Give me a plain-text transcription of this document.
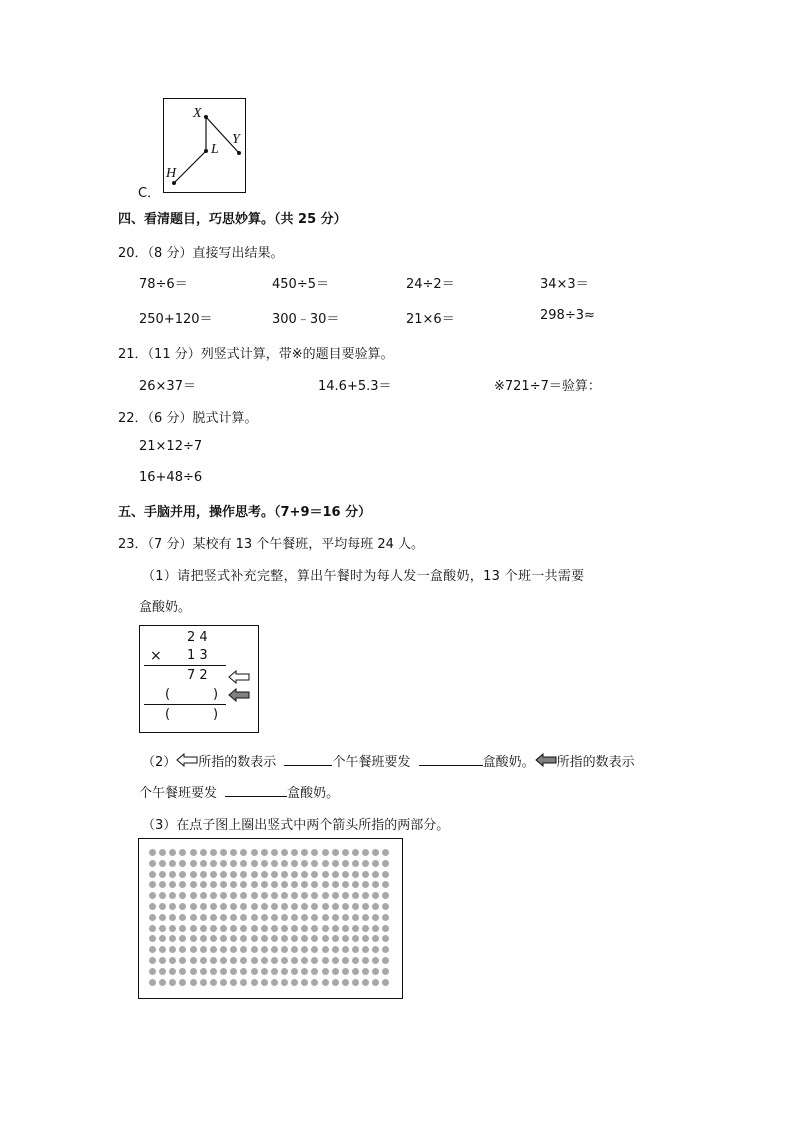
C．
X
Y
L
H
四、看清题目，巧思妙算。（共 25 分）
20．（8 分）直接写出结果。
78÷6＝	450÷5＝	24÷2＝	34×3＝
250+120＝	300﹣30＝	21×6＝	298÷3≈
21．（11 分）列竖式计算，带※的题目要验算。
26×37＝	14.6+5.3＝	※721÷7＝验算：
22．（6 分）脱式计算。
21×12÷7
16+48÷6
五、手脑并用，操作思考。（7+9＝16 分）
23．（7 分）某校有 13 个午餐班，平均每班 24 人。
（1）请把竖式补充完整，算出午餐时为每人发一盒酸奶，13 个班一共需要
盒酸奶。
2 4
× 1 3
7 2
(	)
(	)
（2） 所指的数表示	个午餐班要发	盒酸奶。 所指的数表示
个午餐班要发	盒酸奶。
（3）在点子图上圈出竖式中两个箭头所指的两部分。
